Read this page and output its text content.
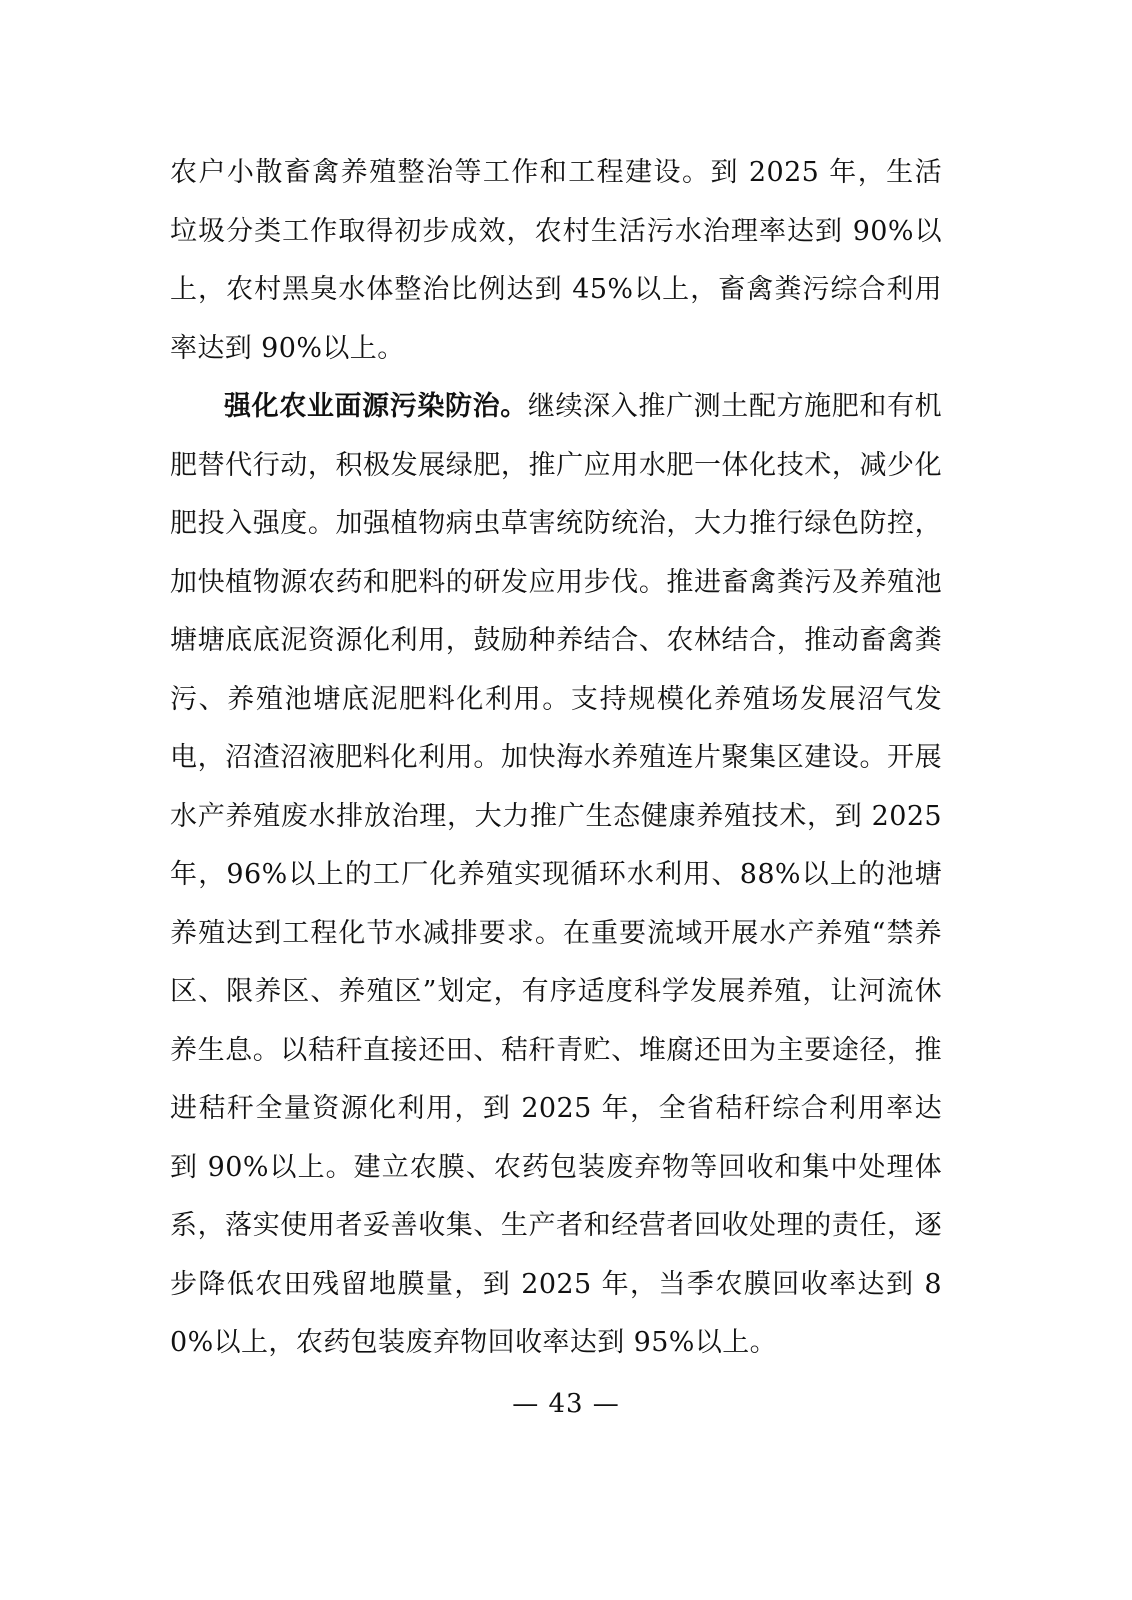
农户小散畜禽养殖整治等工作和工程建设。到 2025 年，生活垃圾分类工作取得初步成效，农村生活污水治理率达到 90%以上，农村黑臭水体整治比例达到 45%以上，畜禽粪污综合利用率达到 90%以上。

强化农业面源污染防治。继续深入推广测土配方施肥和有机肥替代行动，积极发展绿肥，推广应用水肥一体化技术，减少化肥投入强度。加强植物病虫草害统防统治，大力推行绿色防控，加快植物源农药和肥料的研发应用步伐。推进畜禽粪污及养殖池塘塘底底泥资源化利用，鼓励种养结合、农林结合，推动畜禽粪污、养殖池塘底泥肥料化利用。支持规模化养殖场发展沼气发电，沼渣沼液肥料化利用。加快海水养殖连片聚集区建设。开展水产养殖废水排放治理，大力推广生态健康养殖技术，到 2025 年，96%以上的工厂化养殖实现循环水利用、88%以上的池塘养殖达到工程化节水减排要求。在重要流域开展水产养殖“禁养区、限养区、养殖区”划定，有序适度科学发展养殖，让河流休养生息。以秸秆直接还田、秸秆青贮、堆腐还田为主要途径，推进秸秆全量资源化利用，到 2025 年，全省秸秆综合利用率达到 90%以上。建立农膜、农药包装废弃物等回收和集中处理体系，落实使用者妥善收集、生产者和经营者回收处理的责任，逐步降低农田残留地膜量，到 2025 年，当季农膜回收率达到 80%以上，农药包装废弃物回收率达到 95%以上。

— 43 —
